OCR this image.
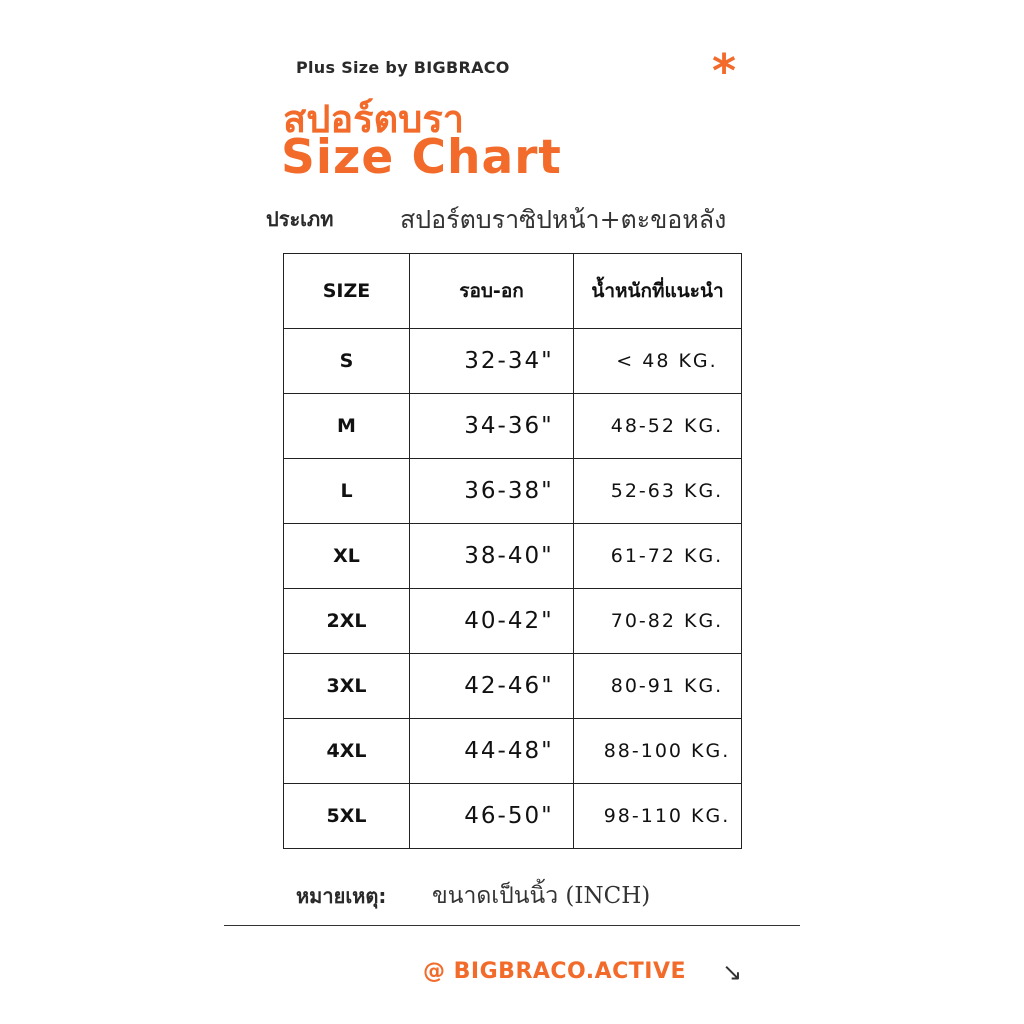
Plus Size by BIGBRACO	*
สปอร์ตบรา
Size Chart
ประเภท	สปอร์ตบราซิปหน้า+ตะขอหลัง
SIZE	รอบ-อก	น้ำหนักที่แนะนำ
S	32-34"	< 48 KG.
M	34-36"	48-52 KG.
L	36-38"	52-63 KG.
XL	38-40"	61-72 KG.
2XL	40-42"	70-82 KG.
3XL	42-46"	80-91 KG.
4XL	44-48"	88-100 KG.
5XL	46-50"	98-110 KG.
หมายเหตุ: ขนาดเป็นนิ้ว (INCH)
@ BIGBRACO.ACTIVE ↘
